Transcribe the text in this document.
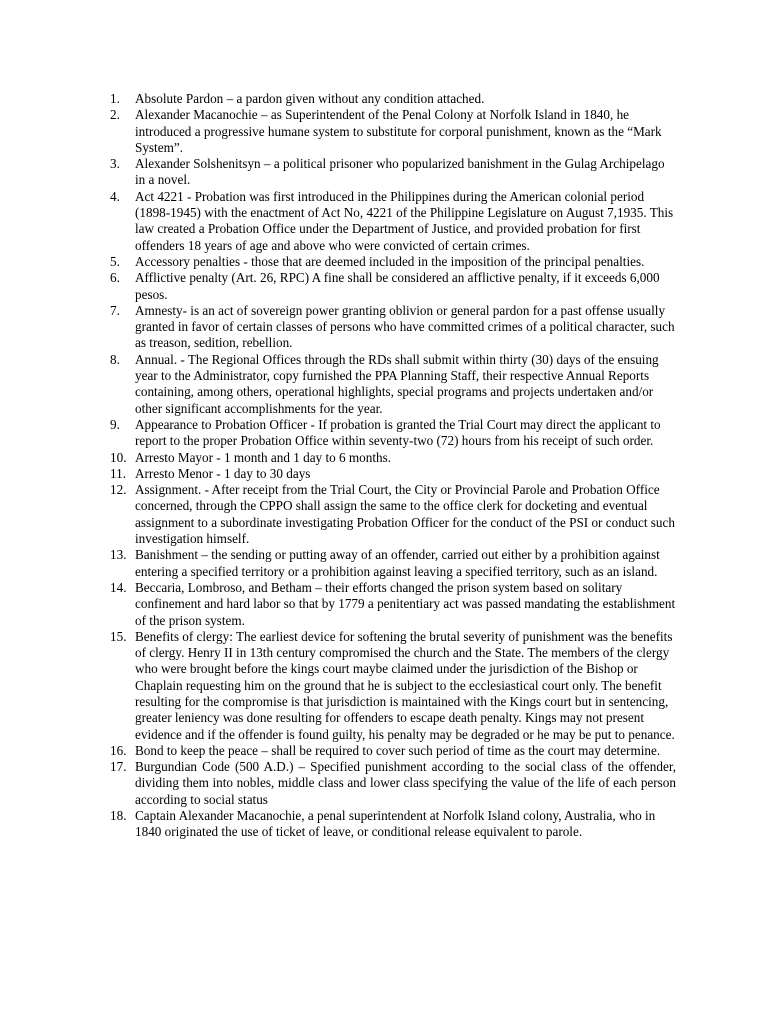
1.	Absolute Pardon – a pardon given without any condition attached.
2.	Alexander Macanochie – as Superintendent of the Penal Colony at Norfolk Island in 1840, he introduced a progressive humane system to substitute for corporal punishment, known as the “Mark System”.
3.	Alexander Solshenitsyn – a political prisoner who popularized banishment in the Gulag Archipelago in a novel.
4.	Act 4221 - Probation was first introduced in the Philippines during the American colonial period (1898-1945) with the enactment of Act No, 4221 of the Philippine Legislature on August 7,1935. This law created a Probation Office under the Department of Justice, and provided probation for first offenders 18 years of age and above who were convicted of certain crimes.
5.	Accessory penalties - those that are deemed included in the imposition of the principal penalties.
6.	Afflictive penalty (Art. 26, RPC) A fine shall be considered an afflictive penalty, if it exceeds 6,000 pesos.
7.	Amnesty- is an act of sovereign power granting oblivion or general pardon for a past offense usually granted in favor of certain classes of persons who have committed crimes of a political character, such as treason, sedition, rebellion.
8.	Annual. - The Regional Offices through the RDs shall submit within thirty (30) days of the ensuing year to the Administrator, copy furnished the PPA Planning Staff, their respective Annual Reports containing, among others, operational highlights, special programs and projects undertaken and/or other significant accomplishments for the year.
9.	Appearance to Probation Officer - If probation is granted the Trial Court may direct the applicant to report to the proper Probation Office within seventy-two (72) hours from his receipt of such order.
10. Arresto Mayor - 1 month and 1 day to 6 months.
11. Arresto Menor - 1 day to 30 days
12. Assignment. - After receipt from the Trial Court, the City or Provincial Parole and Probation Office concerned, through the CPPO shall assign the same to the office clerk for docketing and eventual assignment to a subordinate investigating Probation Officer for the conduct of the PSI or conduct such investigation himself.
13. Banishment – the sending or putting away of an offender, carried out either by a prohibition against entering a specified territory or a prohibition against leaving a specified territory, such as an island.
14. Beccaria, Lombroso, and Betham – their efforts changed the prison system based on solitary confinement and hard labor so that by 1779 a penitentiary act was passed mandating the establishment of the prison system.
15. Benefits of clergy: The earliest device for softening the brutal severity of punishment was the benefits of clergy. Henry II in 13th century compromised the church and the State. The members of the clergy who were brought before the kings court maybe claimed under the jurisdiction of the Bishop or Chaplain requesting him on the ground that he is subject to the ecclesiastical court only. The benefit resulting for the compromise is that jurisdiction is maintained with the Kings court but in sentencing, greater leniency was done resulting for offenders to escape death penalty. Kings may not present evidence and if the offender is found guilty, his penalty may be degraded or he may be put to penance.
16. Bond to keep the peace – shall be required to cover such period of time as the court may determine.
17. Burgundian Code (500 A.D.) – Specified punishment according to the social class of the offender, dividing them into nobles, middle class and lower class specifying the value of the life of each person according to social status
18. Captain Alexander Macanochie, a penal superintendent at Norfolk Island colony, Australia, who in 1840 originated the use of ticket of leave, or conditional release equivalent to parole.
